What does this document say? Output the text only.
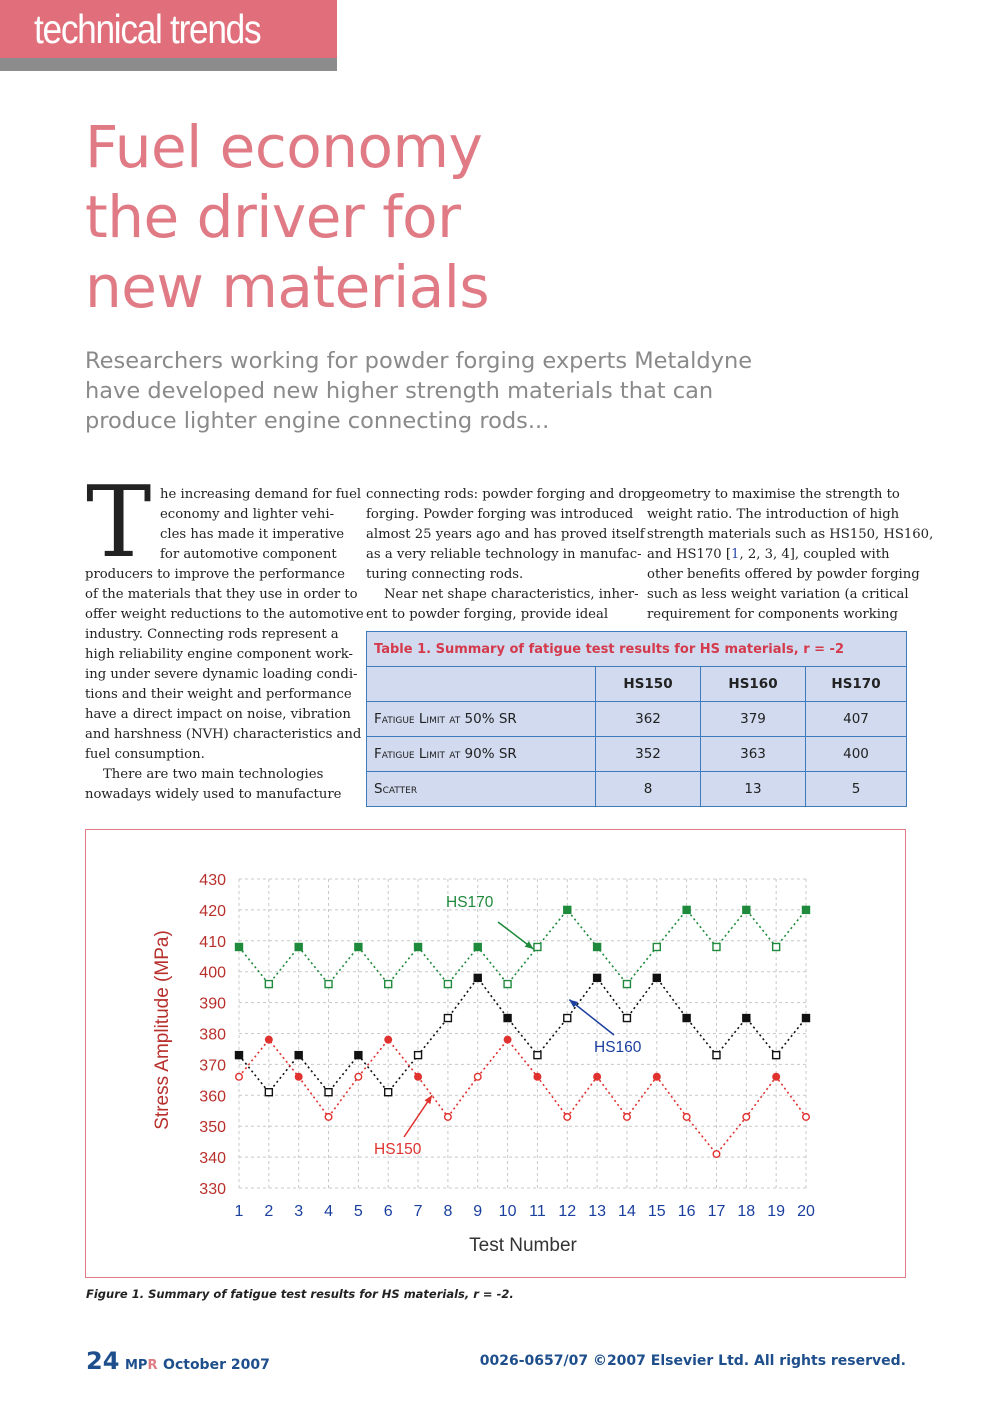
technical trends
Fuel economy
the driver for
new materials

Researchers working for powder forging experts Metaldyne
have developed new higher strength materials that can
produce lighter engine connecting rods...

T he increasing demand for fuel
economy and lighter vehi-
cles has made it imperative
for automotive component
producers to improve the performance
of the materials that they use in order to
offer weight reductions to the automotive
industry. Connecting rods represent a
high reliability engine component work-
ing under severe dynamic loading condi-
tions and their weight and performance
have a direct impact on noise, vibration
and harshness (NVH) characteristics and
fuel consumption.
There are two main technologies
nowadays widely used to manufacture
connecting rods: powder forging and drop
forging. Powder forging was introduced
almost 25 years ago and has proved itself
as a very reliable technology in manufac-
turing connecting rods.
Near net shape characteristics, inher-
ent to powder forging, provide ideal
geometry to maximise the strength to
weight ratio. The introduction of high
strength materials such as HS150, HS160,
and HS170 [1, 2, 3, 4], coupled with
other benefits offered by powder forging
such as less weight variation (a critical
requirement for components working
Table 1. Summary of fatigue test results for HS materials, r = -2			
	HS150	HS160	HS170
Fatigue Limit at 50% SR	362	379	407
Fatigue Limit at 90% SR	352	363	400
Scatter	8	13	5
330
340
350
360
370
380
390
400
410
420
430
1 2 3 4 5 6 7 8 9 10 11 12 13 14 15 16 17 18 19 20
HS170
HS160
HS150
Test Number
Stress Amplitude (MPa)
Figure 1. Summary of fatigue test results for HS materials, r = -2.
24 MPR October 2007	0026-0657/07 ©2007 Elsevier Ltd. All rights reserved.
